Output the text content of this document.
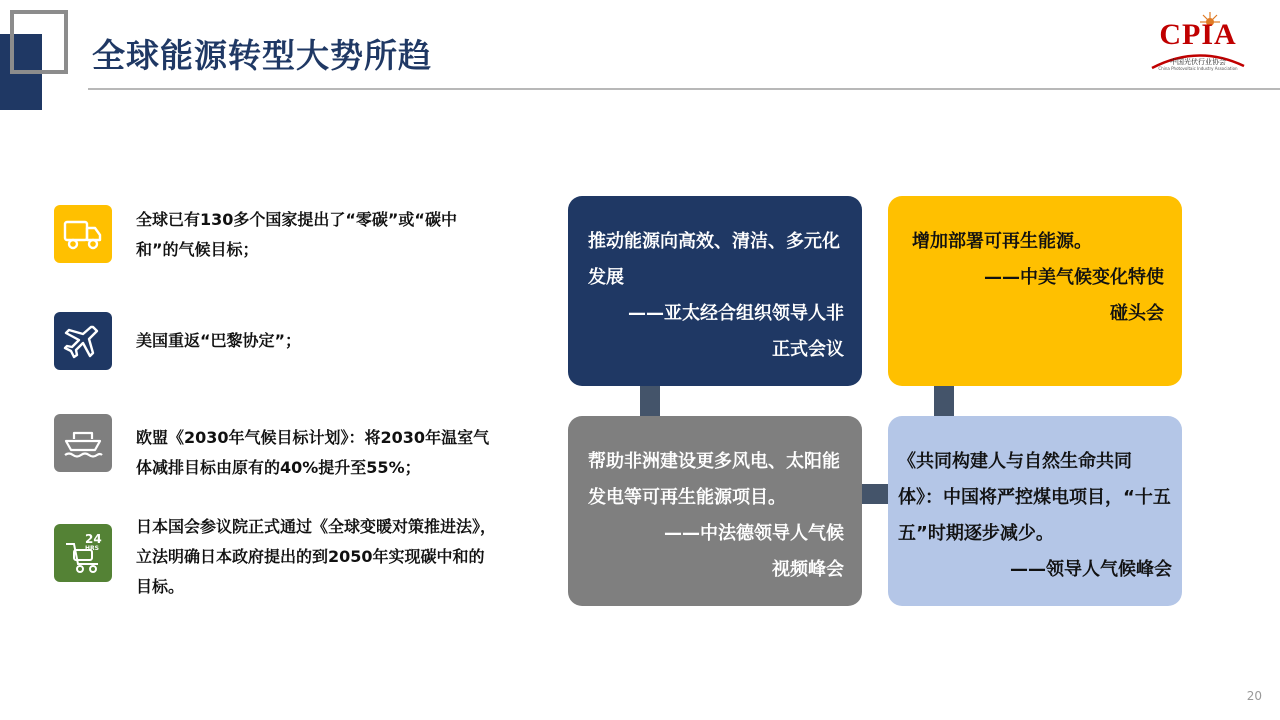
全球能源转型大势所趋
CPIA
中国光伏行业协会
China Photovoltaic Industry Association

全球已有130多个国家提出了“零碳”或“碳中和”的气候目标；

美国重返“巴黎协定”；

欧盟《2030年气候目标计划》：将2030年温室气体减排目标由原有的40%提升至55%；

24
HRS

日本国会参议院正式通过《全球变暖对策推进法》，立法明确日本政府提出的到2050年实现碳中和的目标。

推动能源向高效、清洁、多元化发展

——亚太经合组织领导人非

正式会议

增加部署可再生能源。

——中美气候变化特使

碰头会

帮助非洲建设更多风电、太阳能发电等可再生能源项目。

——中法德领导人气候

视频峰会

《共同构建人与自然生命共同体》：中国将严控煤电项目，“十五五”时期逐步减少。

——领导人气候峰会

20
